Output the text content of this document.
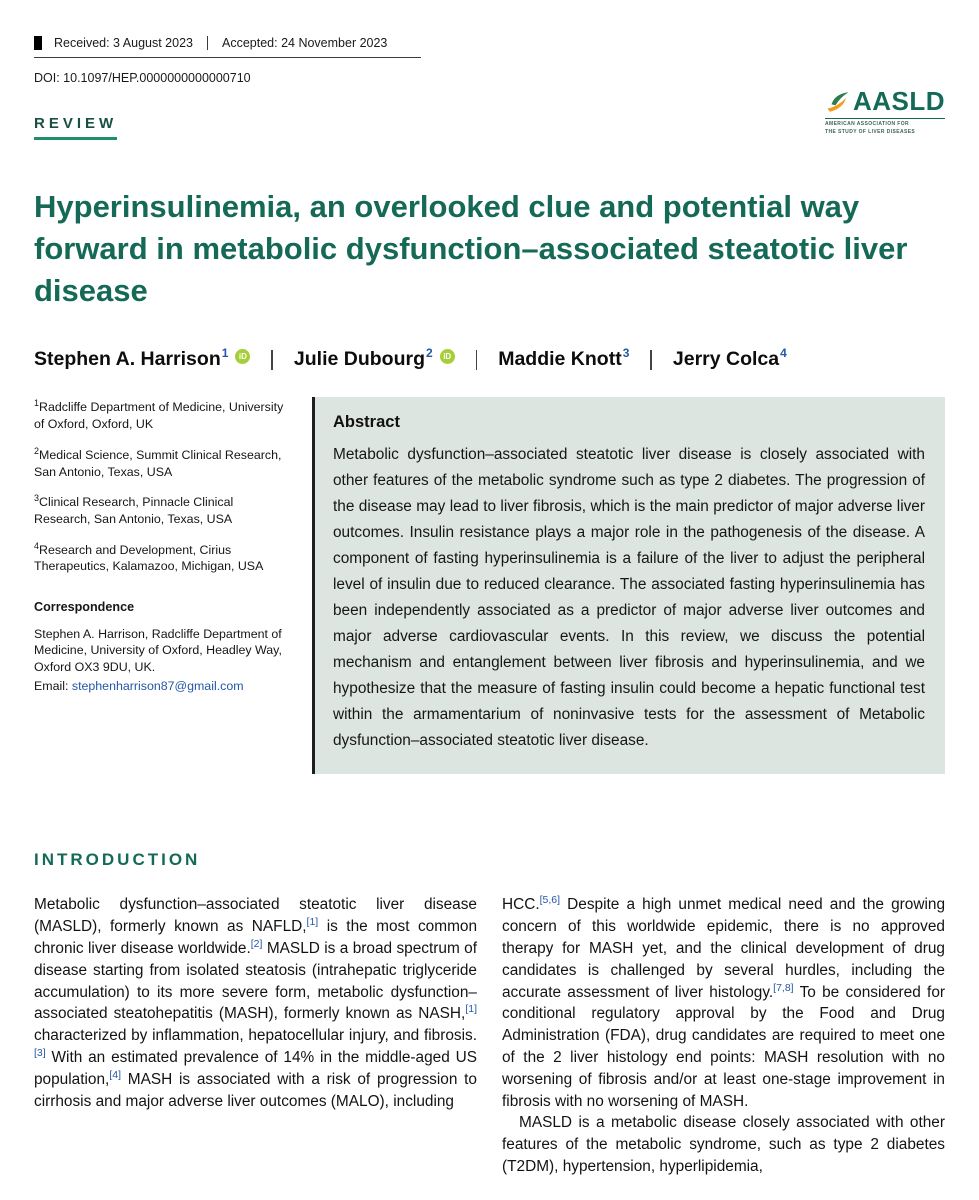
Received: 3 August 2023 Accepted: 24 November 2023
DOI: 10.1097/HEP.0000000000000710
AASLD
AMERICAN ASSOCIATION FOR
THE STUDY OF LIVER DISEASES
REVIEW
Hyperinsulinemia, an overlooked clue and potential way forward in metabolic dysfunction–associated steatotic liver disease
Stephen A. Harrison$^1$	iD Julie Dubourg$^2$	iD Maddie Knott$^3$ Jerry Colca$^4$
$^1$Radcliffe Department of Medicine, University of Oxford, Oxford, UK
$^2$Medical Science, Summit Clinical Research, San Antonio, Texas, USA
$^3$Clinical Research, Pinnacle Clinical Research, San Antonio, Texas, USA
$^4$Research and Development, Cirius Therapeutics, Kalamazoo, Michigan, USA
Correspondence

Stephen A. Harrison, Radcliffe Department of Medicine, University of Oxford, Headley Way, Oxford OX3 9DU, UK.

Email: stephenharrison87@gmail.com

Abstract

Metabolic dysfunction–associated steatotic liver disease is closely associated with other features of the metabolic syndrome such as type 2 diabetes. The progression of the disease may lead to liver fibrosis, which is the main predictor of major adverse liver outcomes. Insulin resistance plays a major role in the pathogenesis of the disease. A component of fasting hyperinsulinemia is a failure of the liver to adjust the peripheral level of insulin due to reduced clearance. The associated fasting hyperinsulinemia has been independently associated as a predictor of major adverse liver outcomes and major adverse cardiovascular events. In this review, we discuss the potential mechanism and entanglement between liver fibrosis and hyperinsulinemia, and we hypothesize that the measure of fasting insulin could become a hepatic functional test within the armamentarium of noninvasive tests for the assessment of Metabolic dysfunction–associated steatotic liver disease.

INTRODUCTION

Metabolic dysfunction–associated steatotic liver disease (MASLD), formerly known as NAFLD,[1] is the most common chronic liver disease worldwide.[2] MASLD is a broad spectrum of disease starting from isolated steatosis (intrahepatic triglyceride accumulation) to its more severe form, metabolic dysfunction–associated steatohepatitis (MASH), formerly known as NASH,[1] characterized by inflammation, hepatocellular injury, and fibrosis.[3] With an estimated prevalence of 14% in the middle-aged US population,[4] MASH is associated with a risk of progression to cirrhosis and major adverse liver outcomes (MALO), including

HCC.[5,6] Despite a high unmet medical need and the growing concern of this worldwide epidemic, there is no approved therapy for MASH yet, and the clinical development of drug candidates is challenged by several hurdles, including the accurate assessment of liver histology.[7,8] To be considered for conditional regulatory approval by the Food and Drug Administration (FDA), drug candidates are required to meet one of the 2 liver histology end points: MASH resolution with no worsening of fibrosis and/or at least one-stage improvement in fibrosis with no worsening of MASH.

MASLD is a metabolic disease closely associated with other features of the metabolic syndrome, such as type 2 diabetes (T2DM), hypertension, hyperlipidemia,
